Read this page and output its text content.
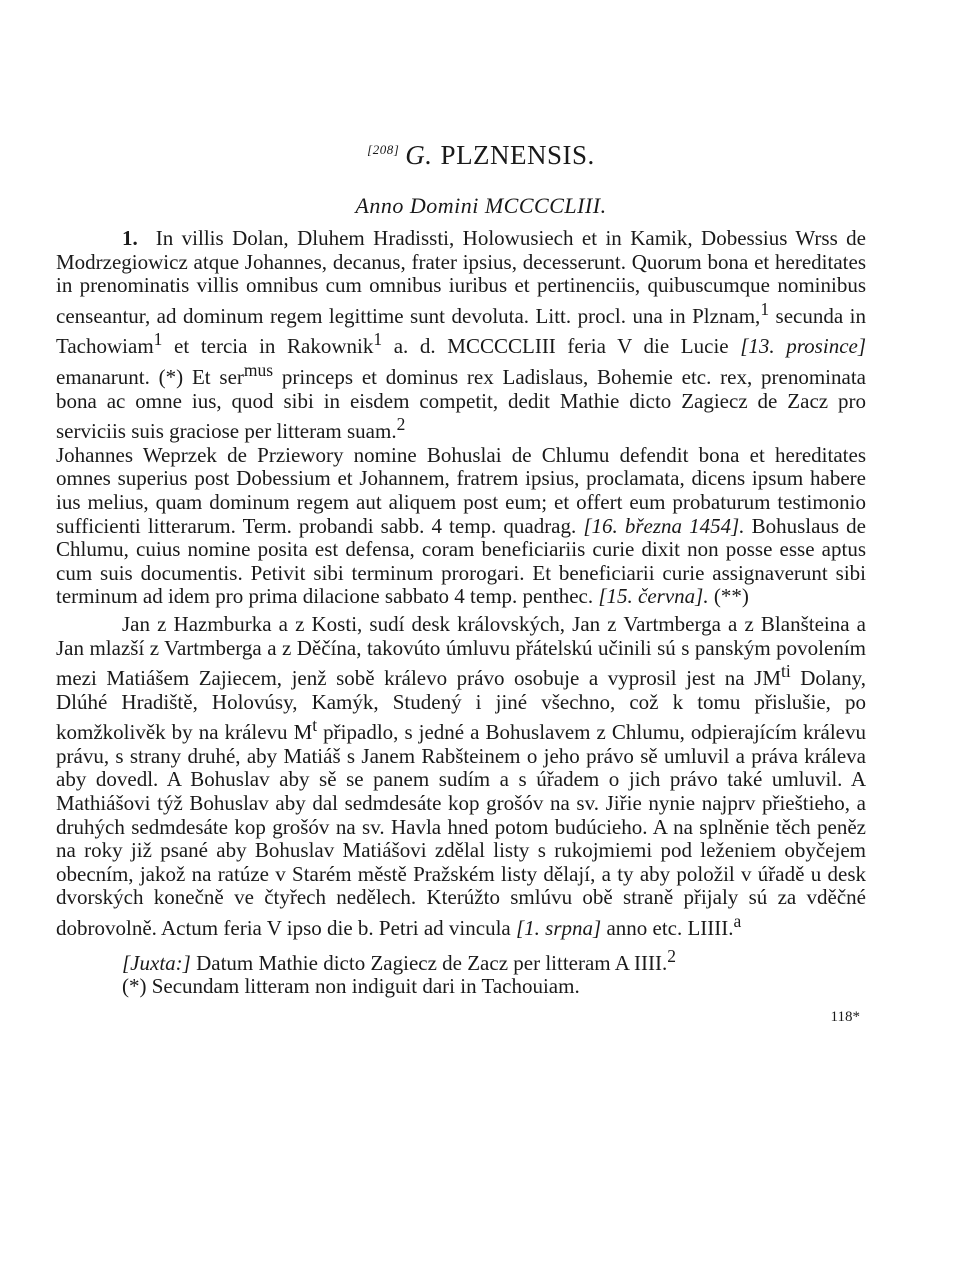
[208] G. PLZNENSIS.

Anno Domini MCCCCLIII.

1. In villis Dolan, Dluhem Hradissti, Holowusiech et in Kamik, Dobessius Wrss de Modrzegiowicz atque Johannes, decanus, frater ipsius, decesserunt. Quorum bona et hereditates in prenominatis villis omnibus cum omnibus iuribus et pertinenciis, quibuscumque nominibus censeantur, ad dominum regem legittime sunt devoluta. Litt. procl. una in Plznam,$^1$ secunda in Tachowiam$^1$ et tercia in Rakownik$^1$ a. d. MCCCCLIII feria V die Lucie [13. prosince] emanarunt. (*) Et ser$^{mus}$ princeps et dominus rex Ladislaus, Bohemie etc. rex, prenominata bona ac omne ius, quod sibi in eisdem competit, dedit Mathie dicto Zagiecz de Zacz pro serviciis suis graciose per litteram suam.$^2$

Johannes Weprzek de Prziewory nomine Bohuslai de Chlumu defendit bona et hereditates omnes superius post Dobessium et Johannem, fratrem ipsius, proclamata, dicens ipsum habere ius melius, quam dominum regem aut aliquem post eum; et offert eum probaturum testimonio sufficienti litterarum. Term. probandi sabb. 4 temp. quadrag. [16. března 1454]. Bohuslaus de Chlumu, cuius nomine posita est defensa, coram beneficiariis curie dixit non posse esse aptus cum suis documentis. Petivit sibi terminum prorogari. Et beneficiarii curie assignaverunt sibi terminum ad idem pro prima dilacione sabbato 4 temp. penthec. [15. června]. (**)

Jan z Hazmburka a z Kosti, sudí desk královských, Jan z Vartmberga a z Blanšteina a Jan mlazší z Vartmberga a z Děčína, takovúto úmluvu přátelskú učinili sú s panským povolením mezi Matiášem Zajiecem, jenž sobě králevo právo osobuje a vyprosil jest na $JM^{ti}$ Dolany, Dlúhé Hradiště, Holovúsy, Kamýk, Studený i jiné všechno, což k tomu přislušie, po komžkolivěk by na králevu $M^t$ připadlo, s jedné a Bohuslavem z Chlumu, odpierajícím králevu právu, s strany druhé, aby Matiáš s Janem Rabšteinem o jeho právo sě umluvil a práva králeva aby dovedl. A Bohuslav aby sě se panem sudím a s úřadem o jich právo také umluvil. A Mathiášovi týž Bohuslav aby dal sedmdesáte kop grošóv na sv. Jiřie nynie najprv přieštieho, a druhých sedmdesáte kop grošóv na sv. Havla hned potom budúcieho. A na splněnie těch peněz na roky již psané aby Bohuslav Matiášovi zdělal listy s rukojmiemi pod leženiem obyčejem obecním, jakož na ratúze v Starém městě Pražském listy dělají, a ty aby položil v úřadě u desk dvorských konečně ve čtyřech nedělech. Kterúžto smlúvu obě straně přijaly sú za vděčné dobrovolně. Actum feria V ipso die b. Petri ad vincula [1. srpna] anno etc. LIIII.$^a$

[Juxta:] Datum Mathie dicto Zagiecz de Zacz per litteram A IIII.$^2$

(*) Secundam litteram non indiguit dari in Tachouiam.

118*
